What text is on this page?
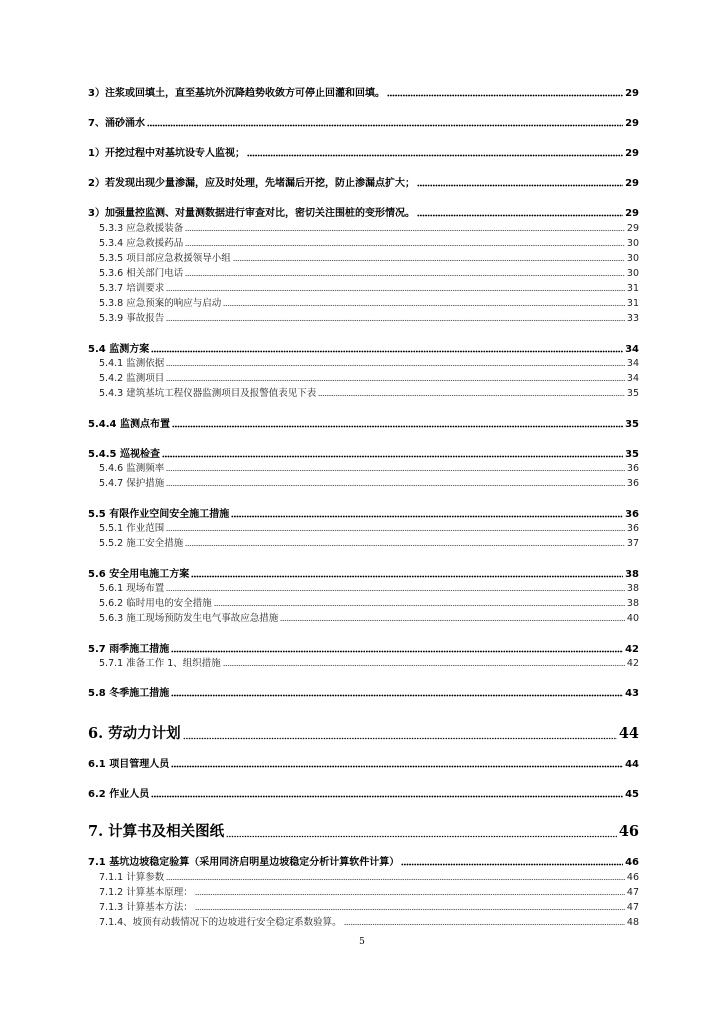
3）注浆或回填土，直至基坑外沉降趋势收敛方可停止回灌和回填。	29
7、涌砂涌水	29
1）开挖过程中对基坑设专人监视；	29
2）若发现出现少量渗漏，应及时处理，先堵漏后开挖，防止渗漏点扩大；	29
3）加强量控监测、对量测数据进行审查对比，密切关注围桩的变形情况。	29
5.3.3 应急救援装备	29
5.3.4 应急救援药品	30
5.3.5 项目部应急救援领导小组	30
5.3.6 相关部门电话	30
5.3.7 培训要求	31
5.3.8 应急预案的响应与启动	31
5.3.9 事故报告	33
5.4 监测方案	34
5.4.1 监测依据	34
5.4.2 监测项目	34
5.4.3 建筑基坑工程仪器监测项目及报警值表见下表	35
5.4.4 监测点布置	35
5.4.5 巡视检查	35
5.4.6 监测频率	36
5.4.7 保护措施	36
5.5 有限作业空间安全施工措施	36
5.5.1 作业范围	36
5.5.2 施工安全措施	37
5.6 安全用电施工方案	38
5.6.1 现场布置	38
5.6.2 临时用电的安全措施	38
5.6.3 施工现场预防发生电气事故应急措施	40
5.7 雨季施工措施	42
5.7.1 准备工作 1、组织措施	42
5.8 冬季施工措施	43
6. 劳动力计划	44
6.1 项目管理人员	44
6.2 作业人员	45
7. 计算书及相关图纸	46
7.1 基坑边坡稳定验算（采用同济启明星边坡稳定分析计算软件计算）	46
7.1.1 计算参数	46
7.1.2 计算基本原理：	47
7.1.3 计算基本方法：	47
7.1.4、坡顶有动载情况下的边坡进行安全稳定系数验算。	48
5
